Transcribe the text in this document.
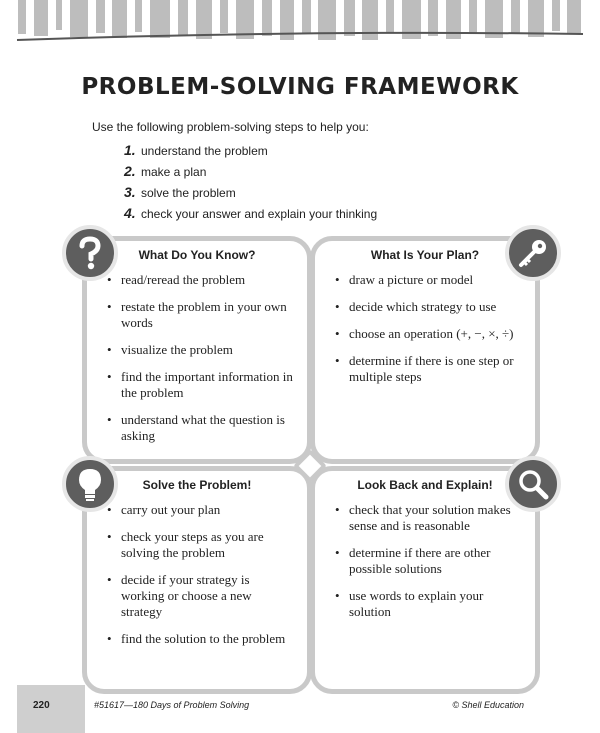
PROBLEM-SOLVING FRAMEWORK
Use the following problem-solving steps to help you:
1. understand the problem
2. make a plan
3. solve the problem
4. check your answer and explain your thinking
What Do You Know?
• read/reread the problem
• restate the problem in your own words
• visualize the problem
• find the important information in the problem
• understand what the question is asking
What Is Your Plan?
• draw a picture or model
• decide which strategy to use
• choose an operation (+, −, ×, ÷)
• determine if there is one step or multiple steps
Solve the Problem!
• carry out your plan
• check your steps as you are solving the problem
• decide if your strategy is working or choose a new strategy
• find the solution to the problem
Look Back and Explain!
• check that your solution makes sense and is reasonable
• determine if there are other possible solutions
• use words to explain your solution
220	#51617—180 Days of Problem Solving	© Shell Education
